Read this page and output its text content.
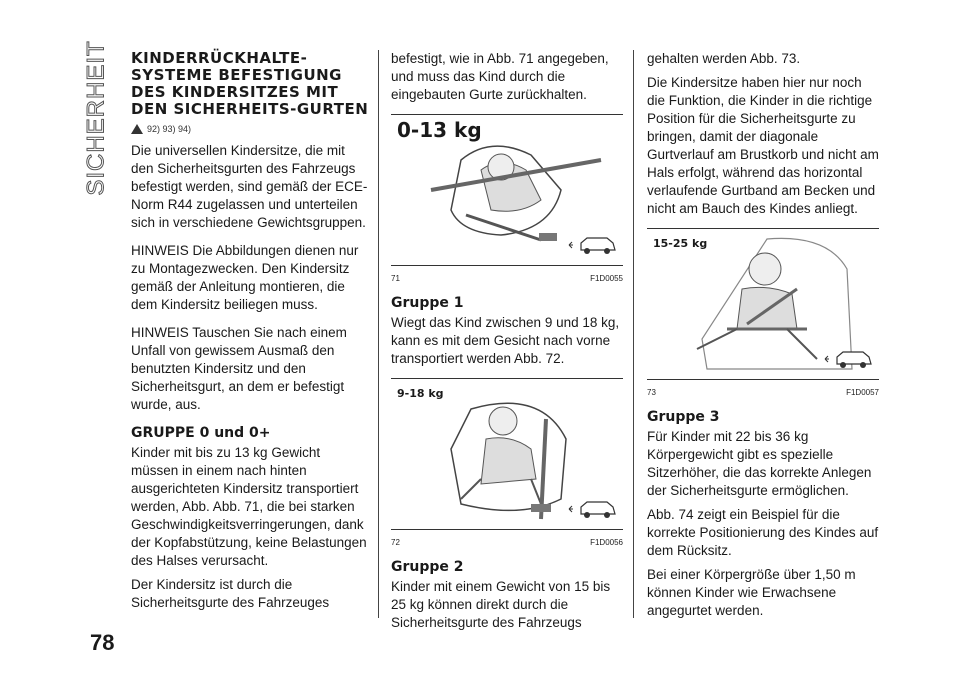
SICHERHEIT KINDERRÜCKHALTE-SYSTEME BEFESTIGUNG DES KINDERSITZES MIT DEN SICHERHEITS-GURTEN
92) 93) 94)

Die universellen Kindersitze, die mit den Sicherheitsgurten des Fahrzeugs befestigt werden, sind gemäß der ECE-Norm R44 zugelassen und unterteilen sich in verschiedene Gewichtsgruppen.

HINWEIS Die Abbildungen dienen nur zu Montagezwecken. Den Kindersitz gemäß der Anleitung montieren, die dem Kindersitz beiliegen muss.

HINWEIS Tauschen Sie nach einem Unfall von gewissem Ausmaß den benutzten Kindersitz und den Sicherheitsgurt, an dem er befestigt wurde, aus.

GRUPPE 0 und 0+

Kinder mit bis zu 13 kg Gewicht müssen in einem nach hinten ausgerichteten Kindersitz transportiert werden, Abb. Abb. 71, die bei starken Geschwindigkeitsverringerungen, dank der Kopfabstützung, keine Belastungen des Halses verursacht.

Der Kindersitz ist durch die Sicherheitsgurte des Fahrzeuges

befestigt, wie in Abb. 71 angegeben, und muss das Kind durch die eingebauten Gurte zurückhalten.

0-13 kg
71	F1D0055
Gruppe 1

Wiegt das Kind zwischen 9 und 18 kg, kann es mit dem Gesicht nach vorne transportiert werden Abb. 72.

9-18 kg
72	F1D0056
Gruppe 2

Kinder mit einem Gewicht von 15 bis 25 kg können direkt durch die Sicherheitsgurte des Fahrzeugs

gehalten werden Abb. 73.

Die Kindersitze haben hier nur noch die Funktion, die Kinder in die richtige Position für die Sicherheitsgurte zu bringen, damit der diagonale Gurtverlauf am Brustkorb und nicht am Hals erfolgt, während das horizontal verlaufende Gurtband am Becken und nicht am Bauch des Kindes anliegt.

15-25 kg
73	F1D0057
Gruppe 3

Für Kinder mit 22 bis 36 kg Körpergewicht gibt es spezielle Sitzerhöher, die das korrekte Anlegen der Sicherheitsgurte ermöglichen.

Abb. 74 zeigt ein Beispiel für die korrekte Positionierung des Kindes auf dem Rücksitz.

Bei einer Körpergröße über 1,50 m können Kinder wie Erwachsene angegurtet werden.

78
